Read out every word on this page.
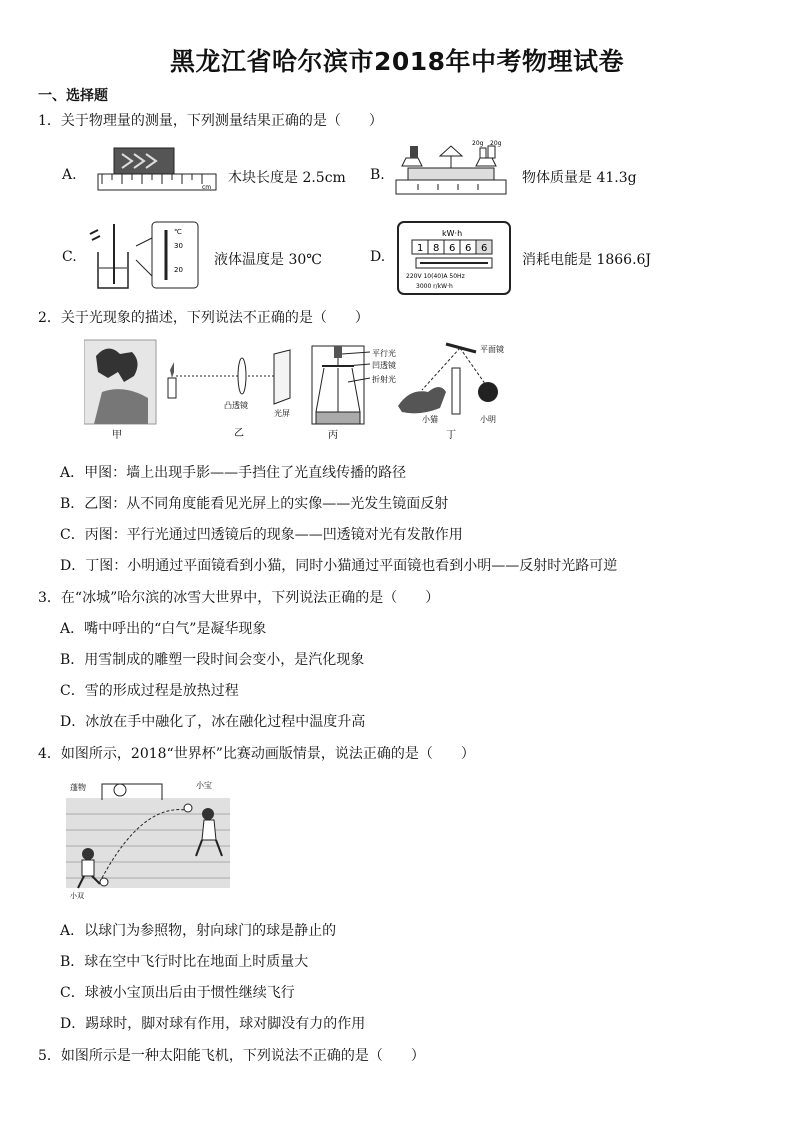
黑龙江省哈尔滨市2018年中考物理试卷
一、选择题
1．关于物理量的测量，下列测量结果正确的是（　　）
A.
cm
木块长度是 2.5cm B.
20g 20g
物体质量是 41.3g
C.
℃
30
20
液体温度是 30℃	D.
kW·h
1 8 6 6 6
220V 10(40)A 50Hz
3000 r/kW·h
消耗电能是 1866.6J
2．关于光现象的描述，下列说法不正确的是（　　）
甲
凸透镜
光屏
乙
平行光
凹透镜
折射光
丙
平面镜
小猫	小明
丁
A．甲图：墙上出现手影——手挡住了光直线传播的路径
B．乙图：从不同角度能看见光屏上的实像——光发生镜面反射
C．丙图：平行光通过凹透镜后的现象——凹透镜对光有发散作用
D．丁图：小明通过平面镜看到小猫，同时小猫通过平面镜也看到小明——反射时光路可逆
3．在“冰城”哈尔滨的冰雪大世界中，下列说法正确的是（　　）
A．嘴中呼出的“白气”是凝华现象
B．用雪制成的雕塑一段时间会变小，是汽化现象
C．雪的形成过程是放热过程
D．冰放在手中融化了，冰在融化过程中温度升高
4．如图所示，2018“世界杯”比赛动画版情景，说法正确的是（　　）
蓬物	小宝
小双
A．以球门为参照物，射向球门的球是静止的
B．球在空中飞行时比在地面上时质量大
C．球被小宝顶出后由于惯性继续飞行
D．踢球时，脚对球有作用，球对脚没有力的作用
5．如图所示是一种太阳能飞机，下列说法不正确的是（　　）
